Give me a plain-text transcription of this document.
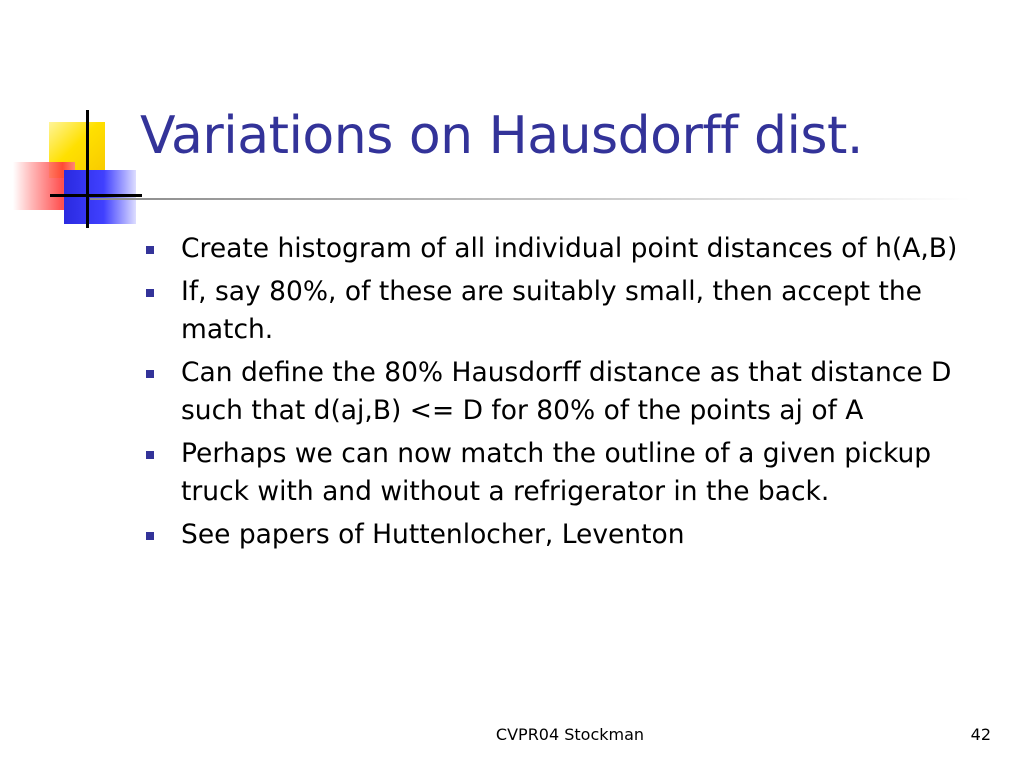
Variations on Hausdorff dist.
Create histogram of all individual point distances of h(A,B)
If, say 80%, of these are suitably small, then accept the match.
Can define the 80% Hausdorff distance as that distance D such that d(aj,B) <= D for 80% of the points aj of A
Perhaps we can now match the outline of a given pickup truck with and without a refrigerator in the back.
See papers of Huttenlocher, Leventon
CVPR04 Stockman	42
